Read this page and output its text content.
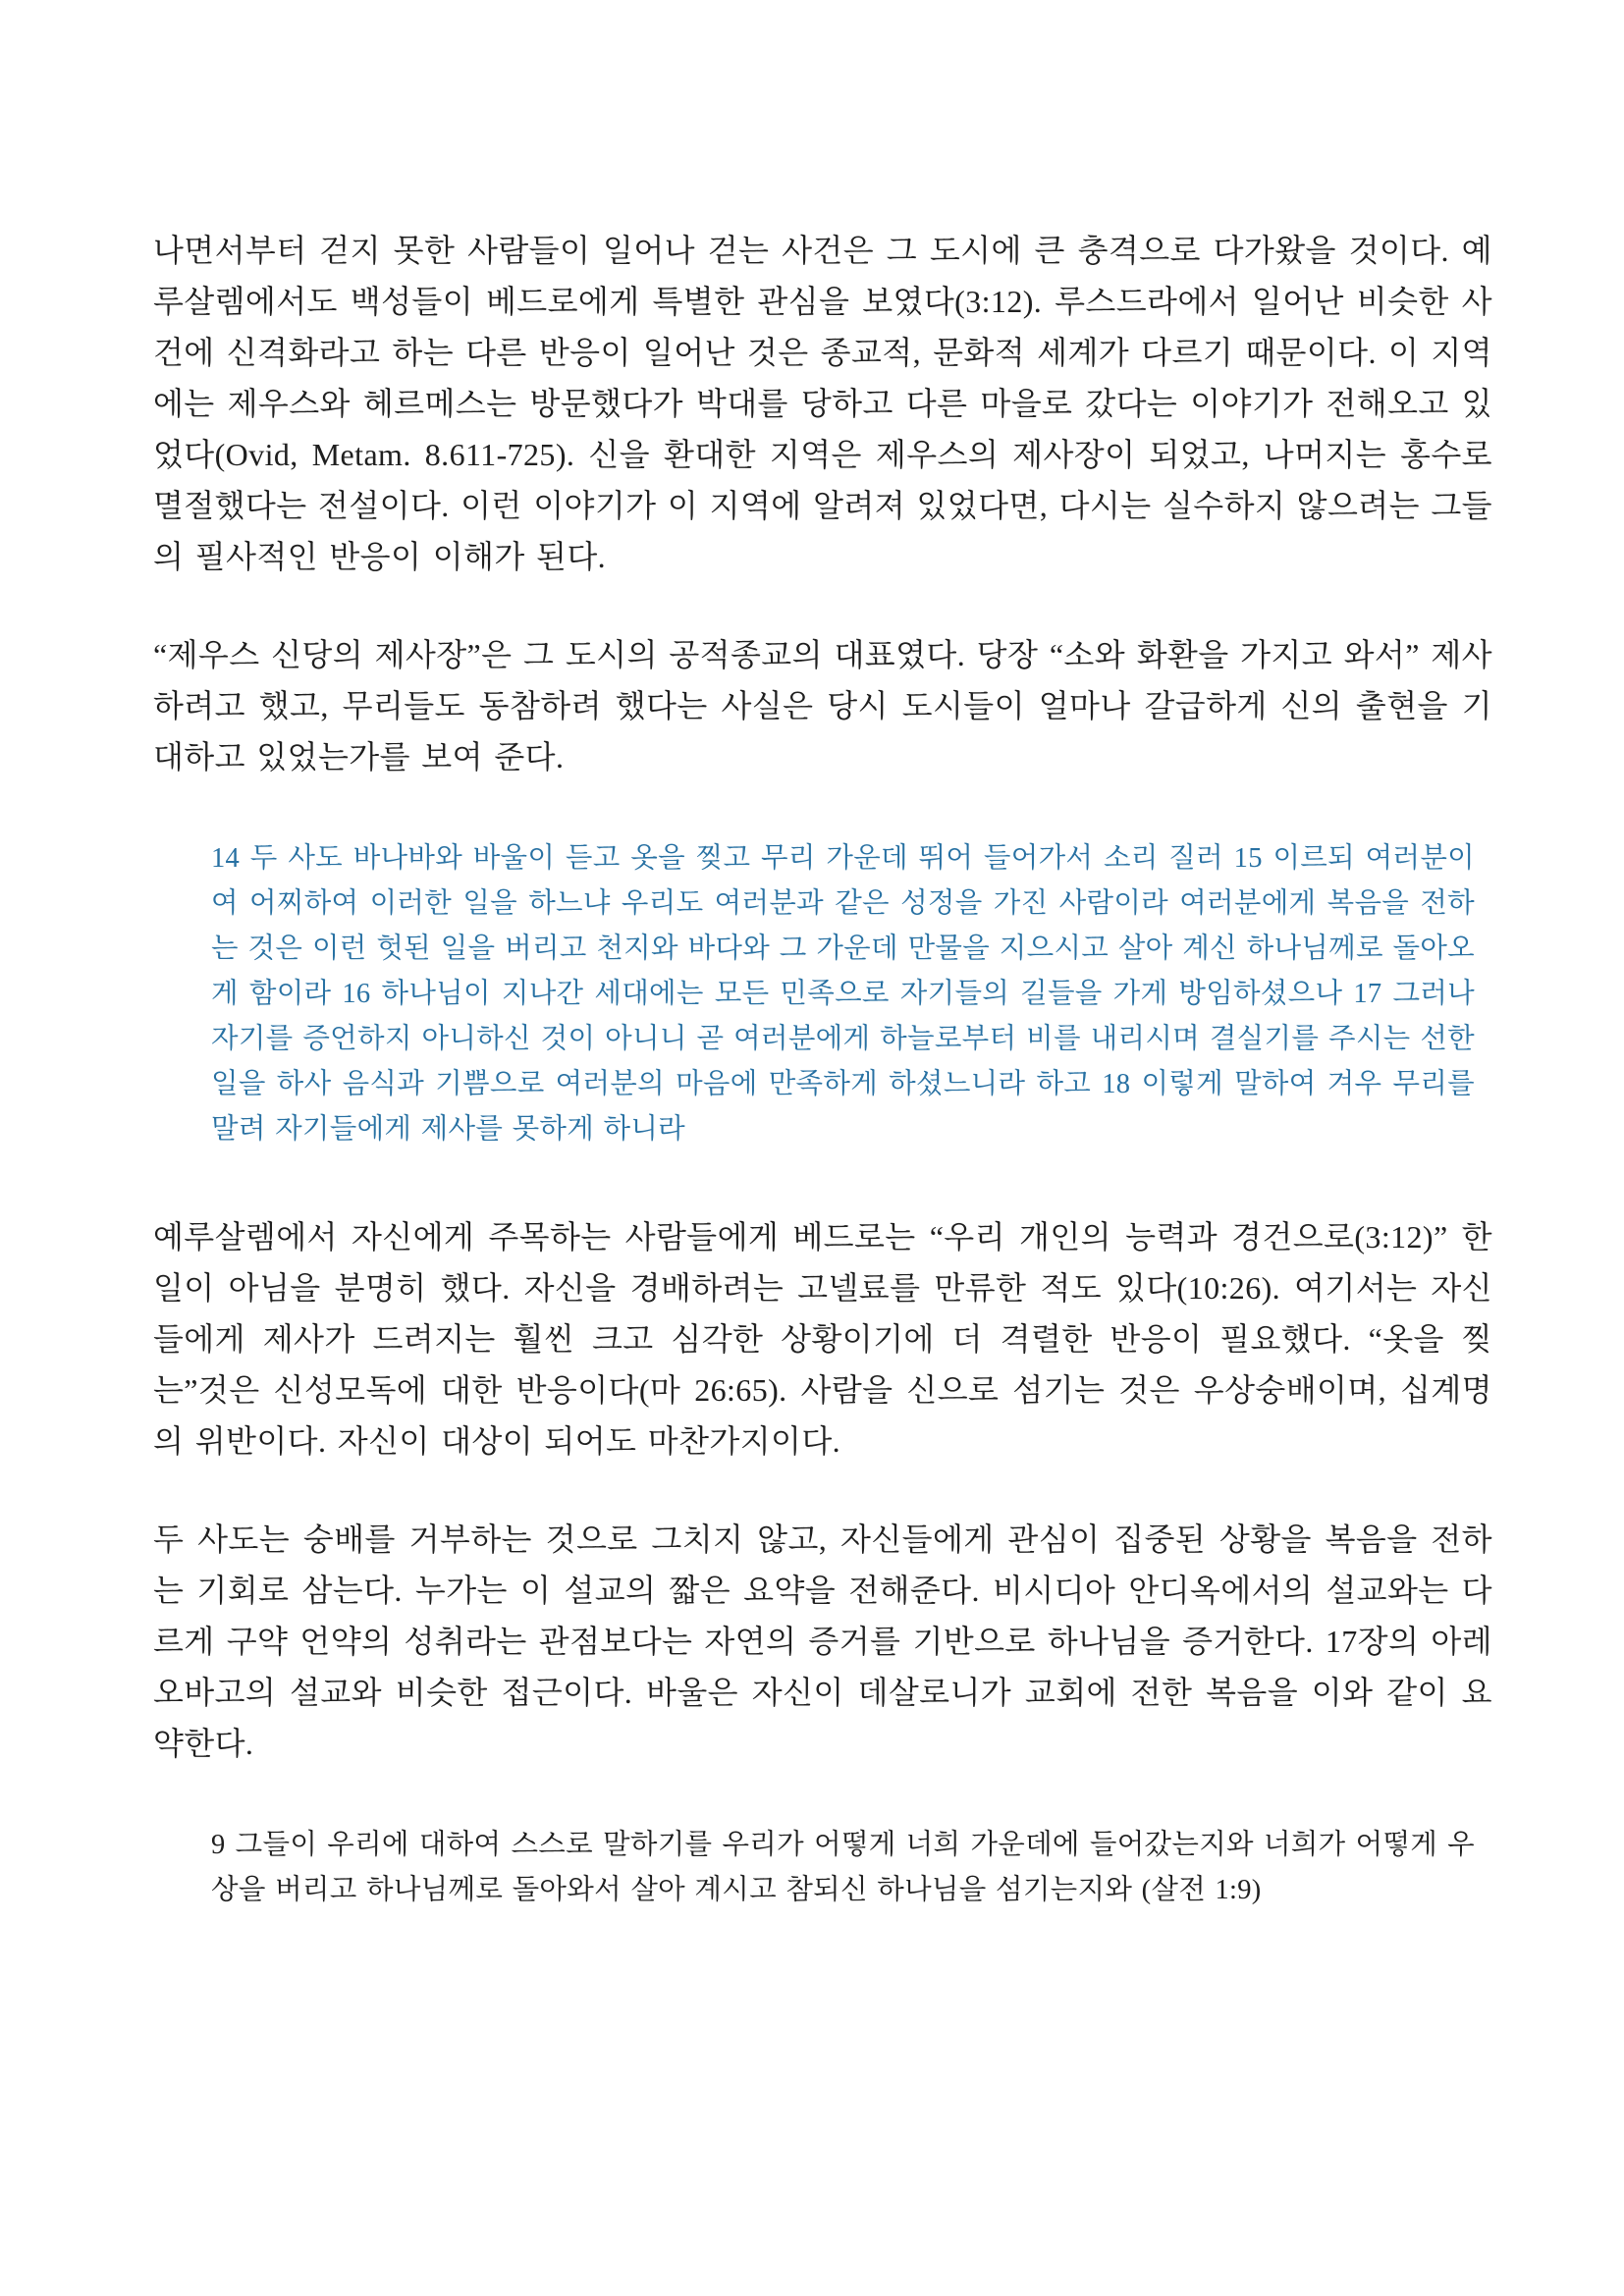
나면서부터 걷지 못한 사람들이 일어나 걷는 사건은 그 도시에 큰 충격으로 다가왔을 것이다. 예루살렘에서도 백성들이 베드로에게 특별한 관심을 보였다(3:12). 루스드라에서 일어난 비슷한 사건에 신격화라고 하는 다른 반응이 일어난 것은 종교적, 문화적 세계가 다르기 때문이다. 이 지역에는 제우스와 헤르메스는 방문했다가 박대를 당하고 다른 마을로 갔다는 이야기가 전해오고 있었다(Ovid, Metam. 8.611-725). 신을 환대한 지역은 제우스의 제사장이 되었고, 나머지는 홍수로 멸절했다는 전설이다. 이런 이야기가 이 지역에 알려져 있었다면, 다시는 실수하지 않으려는 그들의 필사적인 반응이 이해가 된다.

“제우스 신당의 제사장”은 그 도시의 공적종교의 대표였다. 당장 “소와 화환을 가지고 와서” 제사하려고 했고, 무리들도 동참하려 했다는 사실은 당시 도시들이 얼마나 갈급하게 신의 출현을 기대하고 있었는가를 보여 준다.

14 두 사도 바나바와 바울이 듣고 옷을 찢고 무리 가운데 뛰어 들어가서 소리 질러 15 이르되 여러분이여 어찌하여 이러한 일을 하느냐 우리도 여러분과 같은 성정을 가진 사람이라 여러분에게 복음을 전하는 것은 이런 헛된 일을 버리고 천지와 바다와 그 가운데 만물을 지으시고 살아 계신 하나님께로 돌아오게 함이라 16 하나님이 지나간 세대에는 모든 민족으로 자기들의 길들을 가게 방임하셨으나 17 그러나 자기를 증언하지 아니하신 것이 아니니 곧 여러분에게 하늘로부터 비를 내리시며 결실기를 주시는 선한 일을 하사 음식과 기쁨으로 여러분의 마음에 만족하게 하셨느니라 하고 18 이렇게 말하여 겨우 무리를 말려 자기들에게 제사를 못하게 하니라

예루살렘에서 자신에게 주목하는 사람들에게 베드로는 “우리 개인의 능력과 경건으로(3:12)” 한 일이 아님을 분명히 했다. 자신을 경배하려는 고넬료를 만류한 적도 있다(10:26). 여기서는 자신들에게 제사가 드려지는 훨씬 크고 심각한 상황이기에 더 격렬한 반응이 필요했다. “옷을 찢는”것은 신성모독에 대한 반응이다(마 26:65). 사람을 신으로 섬기는 것은 우상숭배이며, 십계명의 위반이다. 자신이 대상이 되어도 마찬가지이다.

두 사도는 숭배를 거부하는 것으로 그치지 않고, 자신들에게 관심이 집중된 상황을 복음을 전하는 기회로 삼는다. 누가는 이 설교의 짧은 요약을 전해준다. 비시디아 안디옥에서의 설교와는 다르게 구약 언약의 성취라는 관점보다는 자연의 증거를 기반으로 하나님을 증거한다. 17장의 아레오바고의 설교와 비슷한 접근이다. 바울은 자신이 데살로니가 교회에 전한 복음을 이와 같이 요약한다.

9 그들이 우리에 대하여 스스로 말하기를 우리가 어떻게 너희 가운데에 들어갔는지와 너희가 어떻게 우상을 버리고 하나님께로 돌아와서 살아 계시고 참되신 하나님을 섬기는지와 (살전 1:9)
